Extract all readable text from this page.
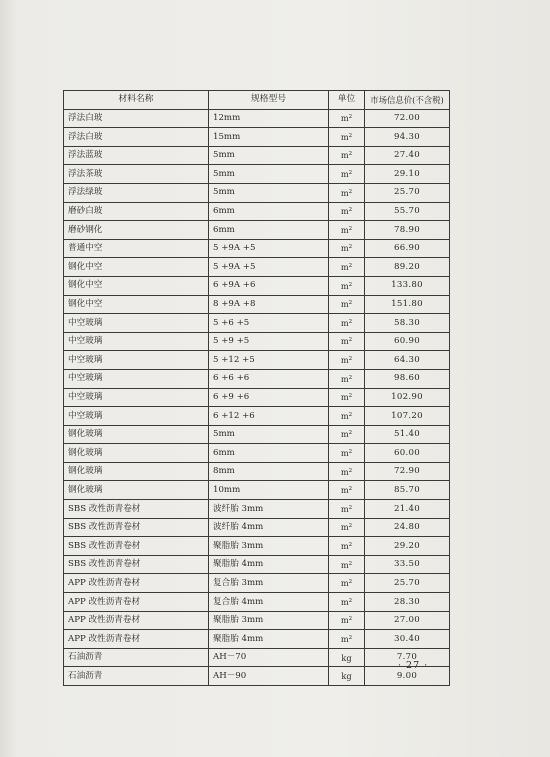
材料名称	规格型号	单位	市场信息价(不含税)
浮法白玻	12mm	$m^2$	72.00
浮法白玻	15mm	$m^2$	94.30
浮法蓝玻	5mm	$m^2$	27.40
浮法茶玻	5mm	$m^2$	29.10
浮法绿玻	5mm	$m^2$	25.70
磨砂白玻	6mm	$m^2$	55.70
磨砂钢化	6mm	$m^2$	78.90
普通中空	5 +9A +5	$m^2$	66.90
钢化中空	5 +9A +5	$m^2$	89.20
钢化中空	6 +9A +6	$m^2$	133.80
钢化中空	8 +9A +8	$m^2$	151.80
中空玻璃	5 +6 +5	$m^2$	58.30
中空玻璃	5 +9 +5	$m^2$	60.90
中空玻璃	5 +12 +5	$m^2$	64.30
中空玻璃	6 +6 +6	$m^2$	98.60
中空玻璃	6 +9 +6	$m^2$	102.90
中空玻璃	6 +12 +6	$m^2$	107.20
钢化玻璃	5mm	$m^2$	51.40
钢化玻璃	6mm	$m^2$	60.00
钢化玻璃	8mm	$m^2$	72.90
钢化玻璃	10mm	$m^2$	85.70
SBS 改性沥青卷材	波纤胎 3mm	$m^2$	21.40
SBS 改性沥青卷材	波纤胎 4mm	$m^2$	24.80
SBS 改性沥青卷材	聚脂胎 3mm	$m^2$	29.20
SBS 改性沥青卷材	聚脂胎 4mm	$m^2$	33.50
APP 改性沥青卷材	复合胎 3mm	$m^2$	25.70
APP 改性沥青卷材	复合胎 4mm	$m^2$	28.30
APP 改性沥青卷材	聚脂胎 3mm	$m^2$	27.00
APP 改性沥青卷材	聚脂胎 4mm	$m^2$	30.40
石油沥青	AH－70	kg	7.70
石油沥青	AH－90	kg	9.00
· 27 ·
